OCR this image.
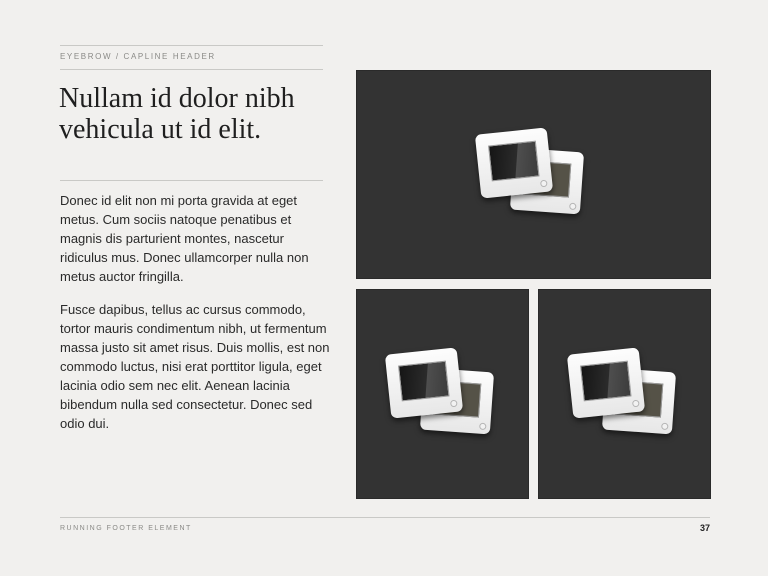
EYEBROW / CAPLINE HEADER
Nullam id dolor nibh vehicula ut id elit.
Donec id elit non mi porta gravida at eget metus. Cum sociis natoque penatibus et magnis dis parturient montes, nascetur ridiculus mus. Donec ullamcorper nulla non metus auctor fringilla.
Fusce dapibus, tellus ac cursus commodo, tortor mauris condimentum nibh, ut fermentum massa justo sit amet risus. Duis mollis, est non commodo luctus, nisi erat porttitor ligula, eget lacinia odio sem nec elit. Aenean lacinia bibendum nulla sed consectetur. Donec sed odio dui.
RUNNING FOOTER ELEMENT	37
